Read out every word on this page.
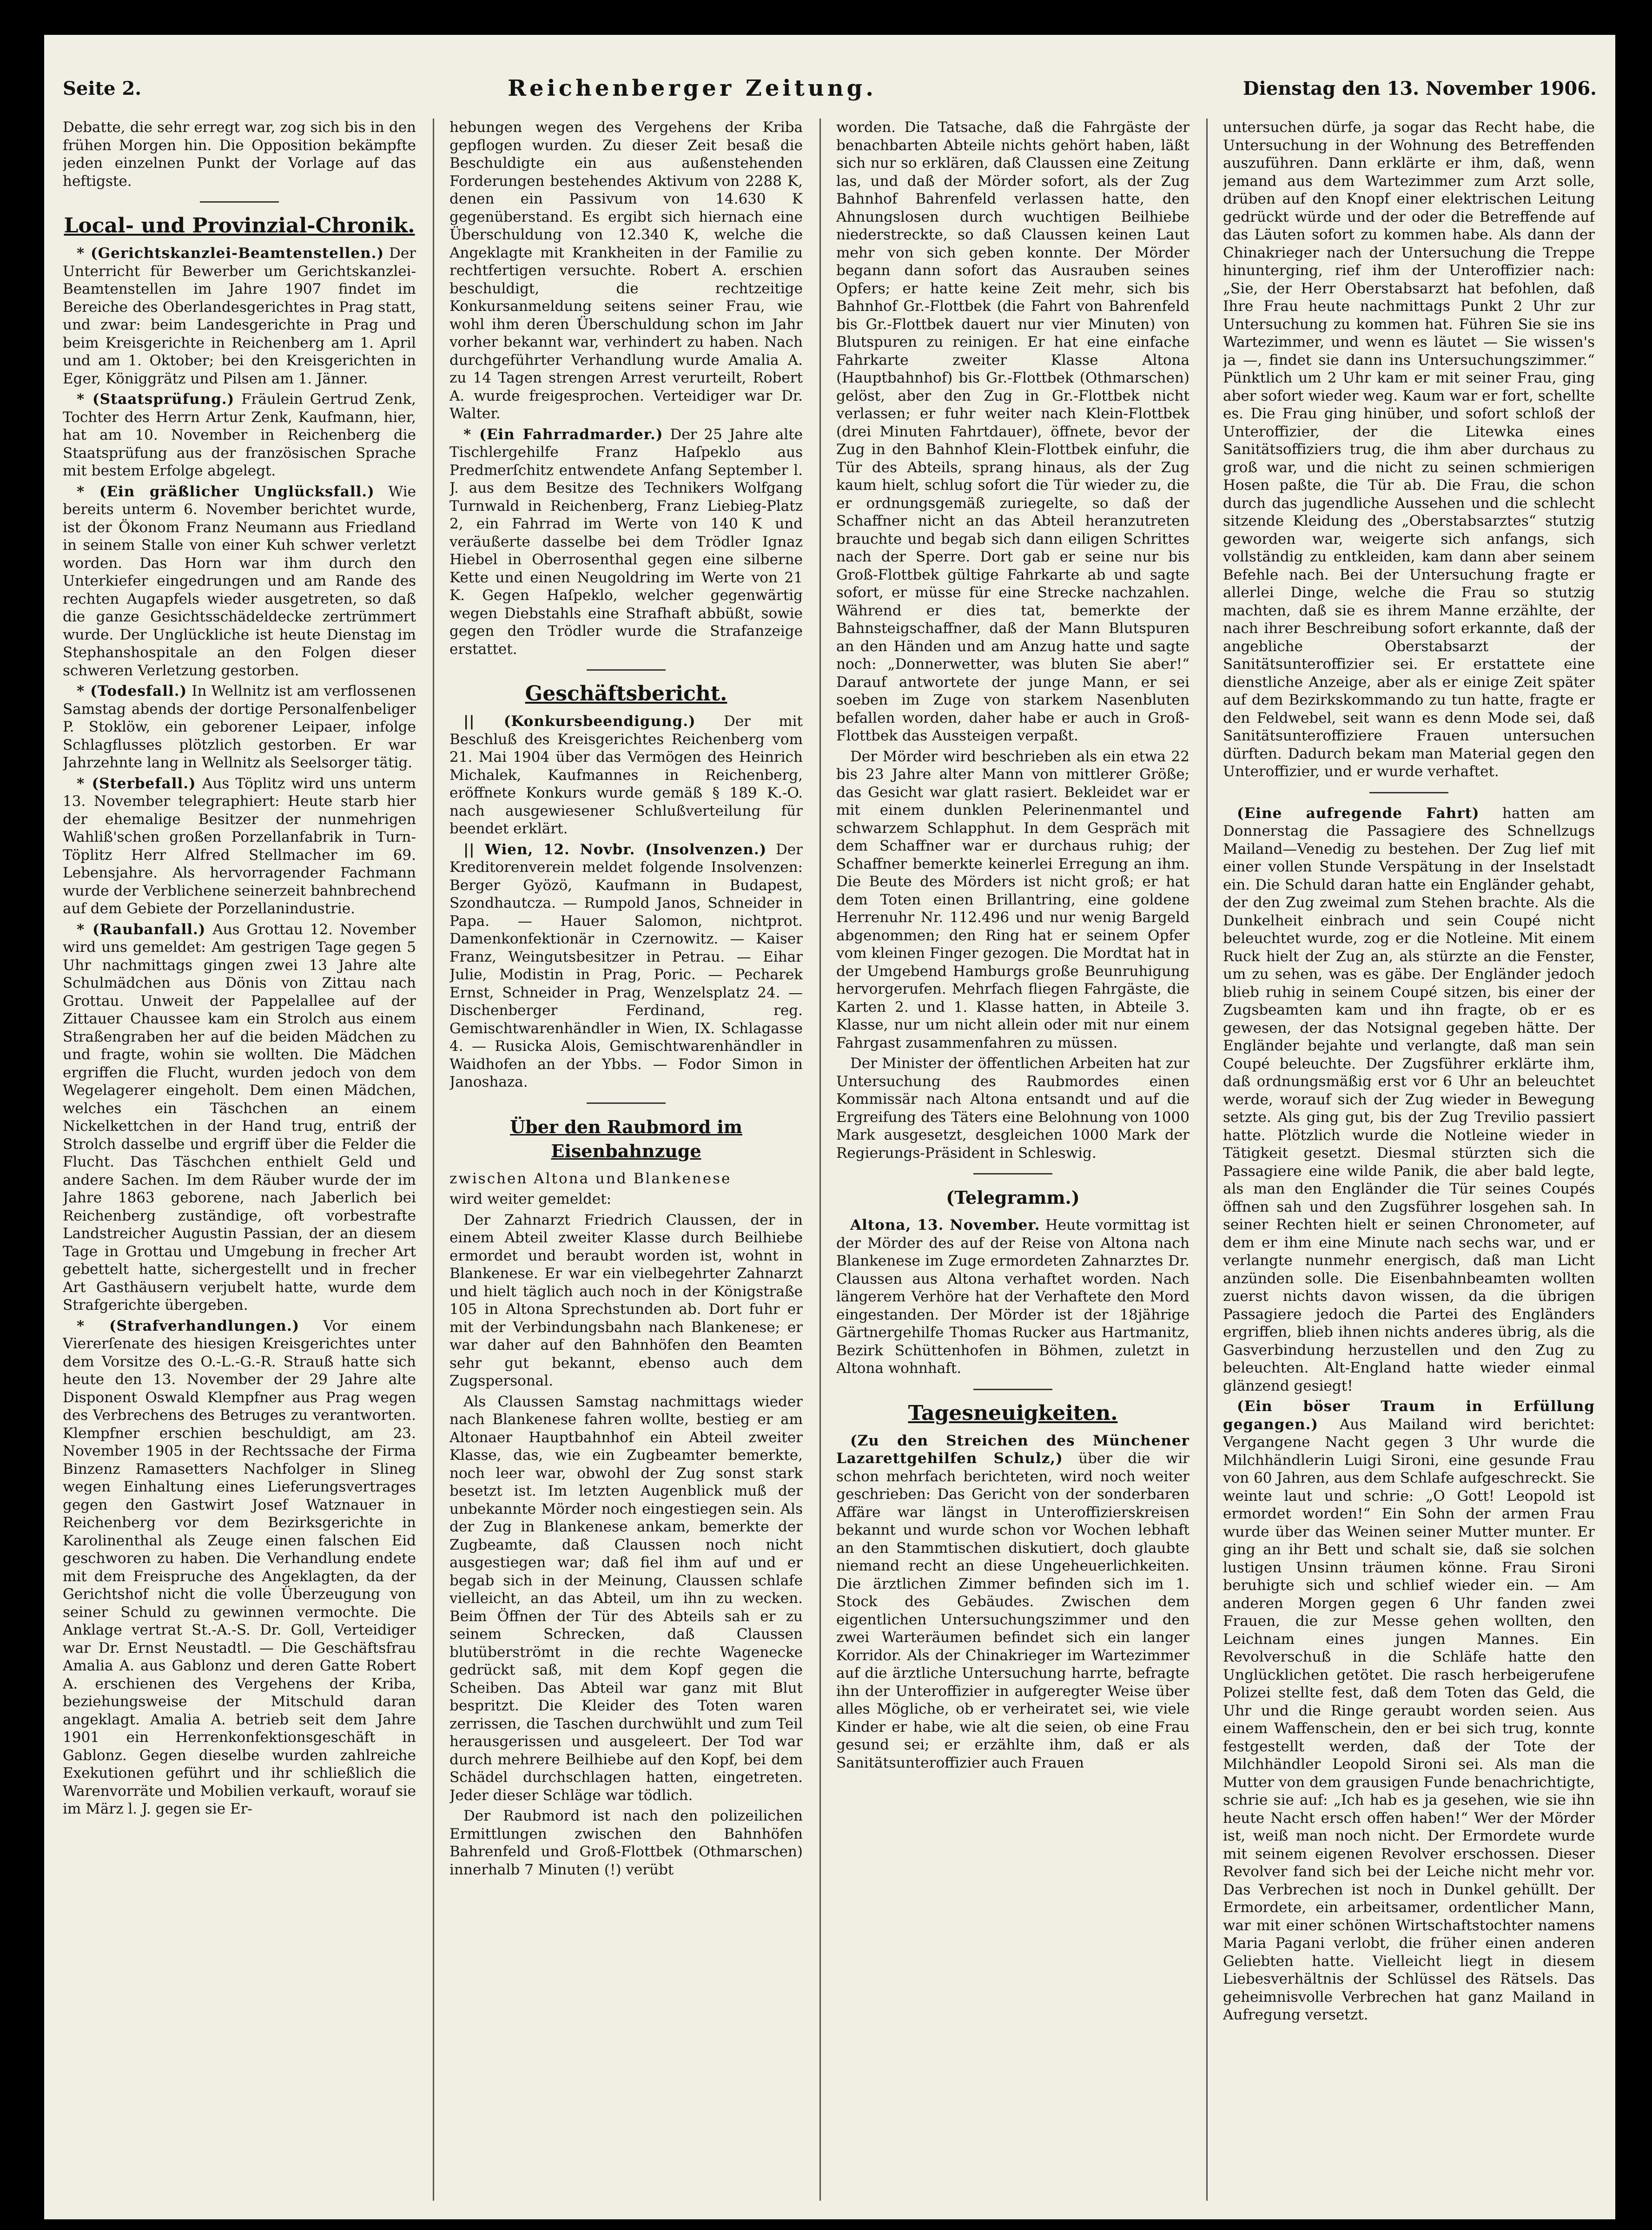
Seite 2.	Reichenberger Zeitung.	Dienstag den 13. November 1906.

Debatte, die sehr erregt war, zog sich bis in den frühen Morgen hin. Die Opposition bekämpfte jeden einzelnen Punkt der Vorlage auf das heftigste.

Local- und Provinzial-Chronik.

* (Gerichtskanzlei-Beamtenstellen.) Der Unterricht für Bewerber um Gerichtskanzlei-Beamtenstellen im Jahre 1907 findet im Bereiche des Oberlandesgerichtes in Prag statt, und zwar: beim Landesgerichte in Prag und beim Kreisgerichte in Reichenberg am 1. April und am 1. Oktober; bei den Kreisgerichten in Eger, Königgrätz und Pilsen am 1. Jänner.

* (Staatsprüfung.) Fräulein Gertrud Zenk, Tochter des Herrn Artur Zenk, Kaufmann, hier, hat am 10. November in Reichenberg die Staatsprüfung aus der französischen Sprache mit bestem Erfolge abgelegt.

* (Ein gräßlicher Unglücksfall.) Wie bereits unterm 6. November berichtet wurde, ist der Ökonom Franz Neumann aus Friedland in seinem Stalle von einer Kuh schwer verletzt worden. Das Horn war ihm durch den Unterkiefer eingedrungen und am Rande des rechten Augapfels wieder ausgetreten, so daß die ganze Gesichtsschädeldecke zertrümmert wurde. Der Unglückliche ist heute Dienstag im Stephanshospitale an den Folgen dieser schweren Verletzung gestorben.

* (Todesfall.) In Wellnitz ist am verflossenen Samstag abends der dortige Personalfenbeliger P. Stoklöw, ein geborener Leipaer, infolge Schlagflusses plötzlich gestorben. Er war Jahrzehnte lang in Wellnitz als Seelsorger tätig.

* (Sterbefall.) Aus Töplitz wird uns unterm 13. November telegraphiert: Heute starb hier der ehemalige Besitzer der nunmehrigen Wahliß'schen großen Porzellanfabrik in Turn-Töplitz Herr Alfred Stellmacher im 69. Lebensjahre. Als hervorragender Fachmann wurde der Verblichene seinerzeit bahnbrechend auf dem Gebiete der Porzellanindustrie.

* (Raubanfall.) Aus Grottau 12. November wird uns gemeldet: Am gestrigen Tage gegen 5 Uhr nachmittags gingen zwei 13 Jahre alte Schulmädchen aus Dönis von Zittau nach Grottau. Unweit der Pappelallee auf der Zittauer Chaussee kam ein Strolch aus einem Straßengraben her auf die beiden Mädchen zu und fragte, wohin sie wollten. Die Mädchen ergriffen die Flucht, wurden jedoch von dem Wegelagerer eingeholt. Dem einen Mädchen, welches ein Täschchen an einem Nickelkettchen in der Hand trug, entriß der Strolch dasselbe und ergriff über die Felder die Flucht. Das Täschchen enthielt Geld und andere Sachen. Im dem Räuber wurde der im Jahre 1863 geborene, nach Jaberlich bei Reichenberg zuständige, oft vorbestrafte Landstreicher Augustin Passian, der an diesem Tage in Grottau und Umgebung in frecher Art gebettelt hatte, sichergestellt und in frecher Art Gasthäusern verjubelt hatte, wurde dem Strafgerichte übergeben.

* (Strafverhandlungen.) Vor einem Viererſenate des hiesigen Kreisgerichtes unter dem Vorsitze des O.-L.-G.-R. Strauß hatte sich heute den 13. November der 29 Jahre alte Disponent Oswald Klempfner aus Prag wegen des Verbrechens des Betruges zu verantworten. Klempfner erschien beschuldigt, am 23. November 1905 in der Rechtssache der Firma Binzenz Ramasetters Nachfolger in Slineg wegen Einhaltung eines Lieferungsvertrages gegen den Gastwirt Josef Watznauer in Reichenberg vor dem Bezirksgerichte in Karolinenthal als Zeuge einen falschen Eid geschworen zu haben. Die Verhandlung endete mit dem Freispruche des Angeklagten, da der Gerichtshof nicht die volle Überzeugung von seiner Schuld zu gewinnen vermochte. Die Anklage vertrat St.-A.-S. Dr. Goll, Verteidiger war Dr. Ernst Neustadtl. — Die Geschäftsfrau Amalia A. aus Gablonz und deren Gatte Robert A. erschienen des Vergehens der Kriba, beziehungsweise der Mitschuld daran angeklagt. Amalia A. betrieb seit dem Jahre 1901 ein Herrenkonfektionsgeschäft in Gablonz. Gegen dieselbe wurden zahlreiche Exekutionen geführt und ihr schließlich die Warenvorräte und Mobilien verkauft, worauf sie im März l. J. gegen sie Er-

hebungen wegen des Vergehens der Kriba gepflogen wurden. Zu dieser Zeit besaß die Beschuldigte ein aus außenstehenden Forderungen bestehendes Aktivum von 2288 K, denen ein Passivum von 14.630 K gegenüberstand. Es ergibt sich hiernach eine Überschuldung von 12.340 K, welche die Angeklagte mit Krankheiten in der Familie zu rechtfertigen versuchte. Robert A. erschien beschuldigt, die rechtzeitige Konkursanmeldung seitens seiner Frau, wie wohl ihm deren Überschuldung schon im Jahr vorher bekannt war, verhindert zu haben. Nach durchgeführter Verhandlung wurde Amalia A. zu 14 Tagen strengen Arrest verurteilt, Robert A. wurde freigesprochen. Verteidiger war Dr. Walter.

* (Ein Fahrradmarder.) Der 25 Jahre alte Tischlergehilfe Franz Haſpeklo aus Predmerſchitz entwendete Anfang September l. J. aus dem Besitze des Technikers Wolfgang Turnwald in Reichenberg, Franz Liebieg-Platz 2, ein Fahrrad im Werte von 140 K und veräußerte dasselbe bei dem Trödler Ignaz Hiebel in Oberrosenthal gegen eine silberne Kette und einen Neugoldring im Werte von 21 K. Gegen Haſpeklo, welcher gegenwärtig wegen Diebstahls eine Strafhaft abbüßt, sowie gegen den Trödler wurde die Strafanzeige erstattet.

Geschäftsbericht.

|| (Konkursbeendigung.) Der mit Beschluß des Kreisgerichtes Reichenberg vom 21. Mai 1904 über das Vermögen des Heinrich Michalek, Kaufmannes in Reichenberg, eröffnete Konkurs wurde gemäß § 189 K.-O. nach ausgewiesener Schlußverteilung für beendet erklärt.

|| Wien, 12. Novbr. (Insolvenzen.) Der Kreditorenverein meldet folgende Insolvenzen: Berger Gyözö, Kaufmann in Budapest, Szondhautcza. — Rumpold Janos, Schneider in Papa. — Hauer Salomon, nichtprot. Damenkonfektionär in Czernowitz. — Kaiser Franz, Weingutsbesitzer in Petrau. — Eihar Julie, Modistin in Prag, Poric. — Pecharek Ernst, Schneider in Prag, Wenzelsplatz 24. — Dischenberger Ferdinand, reg. Gemischtwarenhändler in Wien, IX. Schlagasse 4. — Rusicka Alois, Gemischtwarenhändler in Waidhofen an der Ybbs. — Fodor Simon in Janoshaza.

Über den Raubmord im Eisenbahnzuge

zwischen Altona und Blankenese

wird weiter gemeldet:

Der Zahnarzt Friedrich Claussen, der in einem Abteil zweiter Klasse durch Beilhiebe ermordet und beraubt worden ist, wohnt in Blankenese. Er war ein vielbegehrter Zahnarzt und hielt täglich auch noch in der Königstraße 105 in Altona Sprechstunden ab. Dort fuhr er mit der Verbindungsbahn nach Blankenese; er war daher auf den Bahnhöfen den Beamten sehr gut bekannt, ebenso auch dem Zugspersonal.

Als Claussen Samstag nachmittags wieder nach Blankenese fahren wollte, bestieg er am Altonaer Hauptbahnhof ein Abteil zweiter Klasse, das, wie ein Zugbeamter bemerkte, noch leer war, obwohl der Zug sonst stark besetzt ist. Im letzten Augenblick muß der unbekannte Mörder noch eingestiegen sein. Als der Zug in Blankenese ankam, bemerkte der Zugbeamte, daß Claussen noch nicht ausgestiegen war; daß fiel ihm auf und er begab sich in der Meinung, Claussen schlafe vielleicht, an das Abteil, um ihn zu wecken. Beim Öffnen der Tür des Abteils sah er zu seinem Schrecken, daß Claussen blutüberströmt in die rechte Wagenecke gedrückt saß, mit dem Kopf gegen die Scheiben. Das Abteil war ganz mit Blut bespritzt. Die Kleider des Toten waren zerrissen, die Taschen durchwühlt und zum Teil herausgerissen und ausgeleert. Der Tod war durch mehrere Beilhiebe auf den Kopf, bei dem Schädel durchschlagen hatten, eingetreten. Jeder dieser Schläge war tödlich.

Der Raubmord ist nach den polizeilichen Ermittlungen zwischen den Bahnhöfen Bahrenfeld und Groß-Flottbek (Othmarschen) innerhalb 7 Minuten (!) verübt

worden. Die Tatsache, daß die Fahrgäste der benachbarten Abteile nichts gehört haben, läßt sich nur so erklären, daß Claussen eine Zeitung las, und daß der Mörder sofort, als der Zug Bahnhof Bahrenfeld verlassen hatte, den Ahnungslosen durch wuchtigen Beilhiebe niederstreckte, so daß Claussen keinen Laut mehr von sich geben konnte. Der Mörder begann dann sofort das Ausrauben seines Opfers; er hatte keine Zeit mehr, sich bis Bahnhof Gr.-Flottbek (die Fahrt von Bahrenfeld bis Gr.-Flottbek dauert nur vier Minuten) von Blutspuren zu reinigen. Er hat eine einfache Fahrkarte zweiter Klasse Altona (Hauptbahnhof) bis Gr.-Flottbek (Othmarschen) gelöst, aber den Zug in Gr.-Flottbek nicht verlassen; er fuhr weiter nach Klein-Flottbek (drei Minuten Fahrtdauer), öffnete, bevor der Zug in den Bahnhof Klein-Flottbek einfuhr, die Tür des Abteils, sprang hinaus, als der Zug kaum hielt, schlug sofort die Tür wieder zu, die er ordnungsgemäß zuriegelte, so daß der Schaffner nicht an das Abteil heranzutreten brauchte und begab sich dann eiligen Schrittes nach der Sperre. Dort gab er seine nur bis Groß-Flottbek gültige Fahrkarte ab und sagte sofort, er müsse für eine Strecke nachzahlen. Während er dies tat, bemerkte der Bahnsteigschaffner, daß der Mann Blutspuren an den Händen und am Anzug hatte und sagte noch: „Donnerwetter, was bluten Sie aber!“ Darauf antwortete der junge Mann, er sei soeben im Zuge von starkem Nasenbluten befallen worden, daher habe er auch in Groß-Flottbek das Aussteigen verpaßt.

Der Mörder wird beschrieben als ein etwa 22 bis 23 Jahre alter Mann von mittlerer Größe; das Gesicht war glatt rasiert. Bekleidet war er mit einem dunklen Pelerinenmantel und schwarzem Schlapphut. In dem Gespräch mit dem Schaffner war er durchaus ruhig; der Schaffner bemerkte keinerlei Erregung an ihm. Die Beute des Mörders ist nicht groß; er hat dem Toten einen Brillantring, eine goldene Herrenuhr Nr. 112.496 und nur wenig Bargeld abgenommen; den Ring hat er seinem Opfer vom kleinen Finger gezogen. Die Mordtat hat in der Umgebend Hamburgs große Beunruhigung hervorgerufen. Mehrfach fliegen Fahrgäste, die Karten 2. und 1. Klasse hatten, in Abteile 3. Klasse, nur um nicht allein oder mit nur einem Fahrgast zusammenfahren zu müssen.

Der Minister der öffentlichen Arbeiten hat zur Untersuchung des Raubmordes einen Kommissär nach Altona entsandt und auf die Ergreifung des Täters eine Belohnung von 1000 Mark ausgesetzt, desgleichen 1000 Mark der Regierungs-Präsident in Schleswig.

(Telegramm.)

Altona, 13. November. Heute vormittag ist der Mörder des auf der Reise von Altona nach Blankenese im Zuge ermordeten Zahnarztes Dr. Claussen aus Altona verhaftet worden. Nach längerem Verhöre hat der Verhaftete den Mord eingestanden. Der Mörder ist der 18jährige Gärtnergehilfe Thomas Rucker aus Hartmanitz, Bezirk Schüttenhofen in Böhmen, zuletzt in Altona wohnhaft.

Tagesneuigkeiten.

(Zu den Streichen des Münchener Lazarettgehilfen Schulz,) über die wir schon mehrfach berichteten, wird noch weiter geschrieben: Das Gericht von der sonderbaren Affäre war längst in Unteroffizierskreisen bekannt und wurde schon vor Wochen lebhaft an den Stammtischen diskutiert, doch glaubte niemand recht an diese Ungeheuerlichkeiten. Die ärztlichen Zimmer befinden sich im 1. Stock des Gebäudes. Zwischen dem eigentlichen Untersuchungszimmer und den zwei Warteräumen befindet sich ein langer Korridor. Als der Chinakrieger im Wartezimmer auf die ärztliche Untersuchung harrte, befragte ihn der Unteroffizier in aufgeregter Weise über alles Mögliche, ob er verheiratet sei, wie viele Kinder er habe, wie alt die seien, ob eine Frau gesund sei; er erzählte ihm, daß er als Sanitätsunteroffizier auch Frauen

untersuchen dürfe, ja sogar das Recht habe, die Untersuchung in der Wohnung des Betreffenden auszuführen. Dann erklärte er ihm, daß, wenn jemand aus dem Wartezimmer zum Arzt solle, drüben auf den Knopf einer elektrischen Leitung gedrückt würde und der oder die Betreffende auf das Läuten sofort zu kommen habe. Als dann der Chinakrieger nach der Untersuchung die Treppe hinunterging, rief ihm der Unteroffizier nach: „Sie, der Herr Oberstabsarzt hat befohlen, daß Ihre Frau heute nachmittags Punkt 2 Uhr zur Untersuchung zu kommen hat. Führen Sie sie ins Wartezimmer, und wenn es läutet — Sie wissen's ja —, findet sie dann ins Untersuchungszimmer.“ Pünktlich um 2 Uhr kam er mit seiner Frau, ging aber sofort wieder weg. Kaum war er fort, schellte es. Die Frau ging hinüber, und sofort schloß der Unteroffizier, der die Litewka eines Sanitätsoffiziers trug, die ihm aber durchaus zu groß war, und die nicht zu seinen schmierigen Hosen paßte, die Tür ab. Die Frau, die schon durch das jugendliche Aussehen und die schlecht sitzende Kleidung des „Oberstabsarztes“ stutzig geworden war, weigerte sich anfangs, sich vollständig zu entkleiden, kam dann aber seinem Befehle nach. Bei der Untersuchung fragte er allerlei Dinge, welche die Frau so stutzig machten, daß sie es ihrem Manne erzählte, der nach ihrer Beschreibung sofort erkannte, daß der angebliche Oberstabsarzt der Sanitätsunteroffizier sei. Er erstattete eine dienstliche Anzeige, aber als er einige Zeit später auf dem Bezirkskommando zu tun hatte, fragte er den Feldwebel, seit wann es denn Mode sei, daß Sanitätsunteroffiziere Frauen untersuchen dürften. Dadurch bekam man Material gegen den Unteroffizier, und er wurde verhaftet.

(Eine aufregende Fahrt) hatten am Donnerstag die Passagiere des Schnellzugs Mailand—Venedig zu bestehen. Der Zug lief mit einer vollen Stunde Verspätung in der Inselstadt ein. Die Schuld daran hatte ein Engländer gehabt, der den Zug zweimal zum Stehen brachte. Als die Dunkelheit einbrach und sein Coupé nicht beleuchtet wurde, zog er die Notleine. Mit einem Ruck hielt der Zug an, als stürzte an die Fenster, um zu sehen, was es gäbe. Der Engländer jedoch blieb ruhig in seinem Coupé sitzen, bis einer der Zugsbeamten kam und ihn fragte, ob er es gewesen, der das Notsignal gegeben hätte. Der Engländer bejahte und verlangte, daß man sein Coupé beleuchte. Der Zugsführer erklärte ihm, daß ordnungsmäßig erst vor 6 Uhr an beleuchtet werde, worauf sich der Zug wieder in Bewegung setzte. Als ging gut, bis der Zug Trevilio passiert hatte. Plötzlich wurde die Notleine wieder in Tätigkeit gesetzt. Diesmal stürzten sich die Passagiere eine wilde Panik, die aber bald legte, als man den Engländer die Tür seines Coupés öffnen sah und den Zugsführer losgehen sah. In seiner Rechten hielt er seinen Chronometer, auf dem er ihm eine Minute nach sechs war, und er verlangte nunmehr energisch, daß man Licht anzünden solle. Die Eisenbahnbeamten wollten zuerst nichts davon wissen, da die übrigen Passagiere jedoch die Partei des Engländers ergriffen, blieb ihnen nichts anderes übrig, als die Gasverbindung herzustellen und den Zug zu beleuchten. Alt-England hatte wieder einmal glänzend gesiegt!

(Ein böser Traum in Erfüllung gegangen.) Aus Mailand wird berichtet: Vergangene Nacht gegen 3 Uhr wurde die Milchhändlerin Luigi Sironi, eine gesunde Frau von 60 Jahren, aus dem Schlafe aufgeschreckt. Sie weinte laut und schrie: „O Gott! Leopold ist ermordet worden!“ Ein Sohn der armen Frau wurde über das Weinen seiner Mutter munter. Er ging an ihr Bett und schalt sie, daß sie solchen lustigen Unsinn träumen könne. Frau Sironi beruhigte sich und schlief wieder ein. — Am anderen Morgen gegen 6 Uhr fanden zwei Frauen, die zur Messe gehen wollten, den Leichnam eines jungen Mannes. Ein Revolverschuß in die Schläfe hatte den Unglücklichen getötet. Die rasch herbeigerufene Polizei stellte fest, daß dem Toten das Geld, die Uhr und die Ringe geraubt worden seien. Aus einem Waffenschein, den er bei sich trug, konnte festgestellt werden, daß der Tote der Milchhändler Leopold Sironi sei. Als man die Mutter von dem grausigen Funde benachrichtigte, schrie sie auf: „Ich hab es ja gesehen, wie sie ihn heute Nacht ersch offen haben!“ Wer der Mörder ist, weiß man noch nicht. Der Ermordete wurde mit seinem eigenen Revolver erschossen. Dieser Revolver fand sich bei der Leiche nicht mehr vor. Das Verbrechen ist noch in Dunkel gehüllt. Der Ermordete, ein arbeitsamer, ordentlicher Mann, war mit einer schönen Wirtschaftstochter namens Maria Pagani verlobt, die früher einen anderen Geliebten hatte. Vielleicht liegt in diesem Liebesverhältnis der Schlüssel des Rätsels. Das geheimnisvolle Verbrechen hat ganz Mailand in Aufregung versetzt.
